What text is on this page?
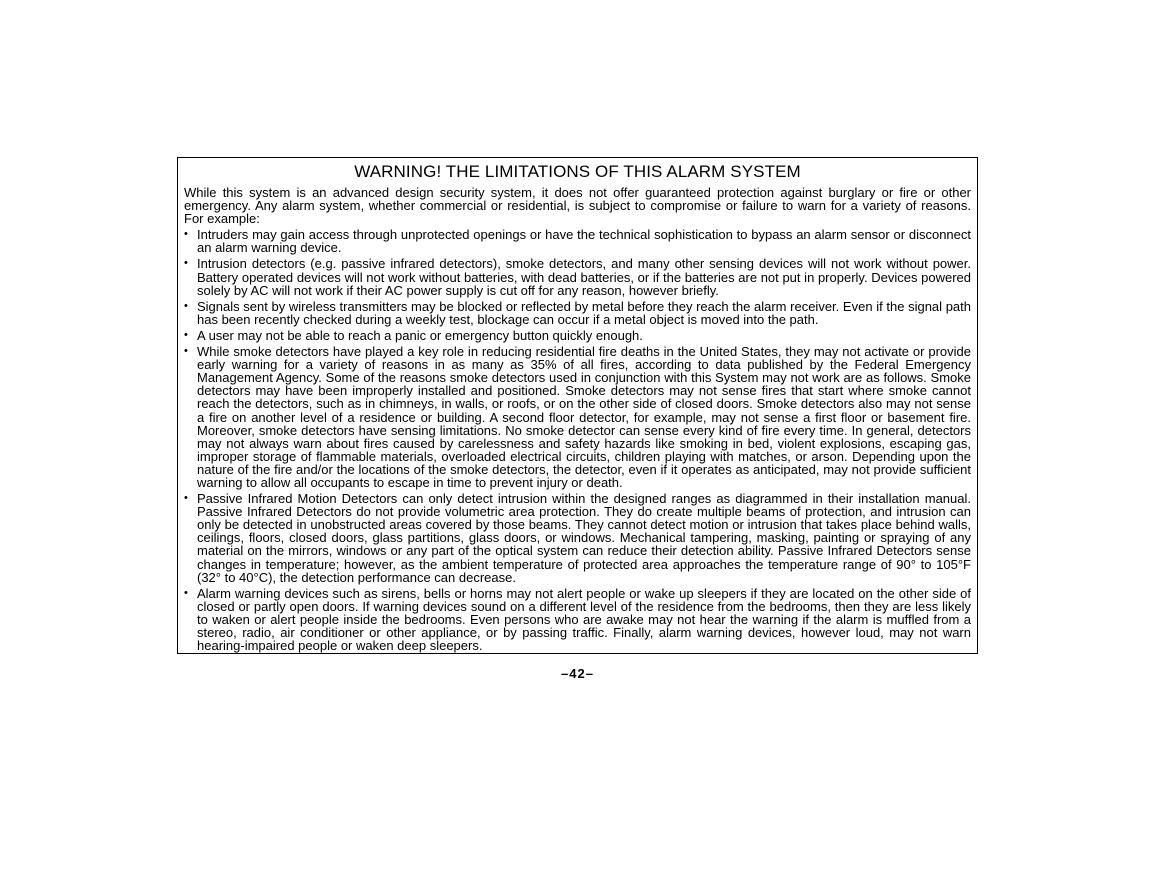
WARNING! THE LIMITATIONS OF THIS ALARM SYSTEM
While this system is an advanced design security system, it does not offer guaranteed protection against burglary or fire or other emergency. Any alarm system, whether commercial or residential, is subject to compromise or failure to warn for a variety of reasons. For example:
• Intruders may gain access through unprotected openings or have the technical sophistication to bypass an alarm sensor or disconnect an alarm warning device.
• Intrusion detectors (e.g. passive infrared detectors), smoke detectors, and many other sensing devices will not work without power. Battery operated devices will not work without batteries, with dead batteries, or if the batteries are not put in properly. Devices powered solely by AC will not work if their AC power supply is cut off for any reason, however briefly.
• Signals sent by wireless transmitters may be blocked or reflected by metal before they reach the alarm receiver. Even if the signal path has been recently checked during a weekly test, blockage can occur if a metal object is moved into the path.
• A user may not be able to reach a panic or emergency button quickly enough.
• While smoke detectors have played a key role in reducing residential fire deaths in the United States, they may not activate or provide early warning for a variety of reasons in as many as 35% of all fires, according to data published by the Federal Emergency Management Agency. Some of the reasons smoke detectors used in conjunction with this System may not work are as follows. Smoke detectors may have been improperly installed and positioned. Smoke detectors may not sense fires that start where smoke cannot reach the detectors, such as in chimneys, in walls, or roofs, or on the other side of closed doors. Smoke detectors also may not sense a fire on another level of a residence or building. A second floor detector, for example, may not sense a first floor or basement fire. Moreover, smoke detectors have sensing limitations. No smoke detector can sense every kind of fire every time. In general, detectors may not always warn about fires caused by carelessness and safety hazards like smoking in bed, violent explosions, escaping gas, improper storage of flammable materials, overloaded electrical circuits, children playing with matches, or arson. Depending upon the nature of the fire and/or the locations of the smoke detectors, the detector, even if it operates as anticipated, may not provide sufficient warning to allow all occupants to escape in time to prevent injury or death.
• Passive Infrared Motion Detectors can only detect intrusion within the designed ranges as diagrammed in their installation manual. Passive Infrared Detectors do not provide volumetric area protection. They do create multiple beams of protection, and intrusion can only be detected in unobstructed areas covered by those beams. They cannot detect motion or intrusion that takes place behind walls, ceilings, floors, closed doors, glass partitions, glass doors, or windows. Mechanical tampering, masking, painting or spraying of any material on the mirrors, windows or any part of the optical system can reduce their detection ability. Passive Infrared Detectors sense changes in temperature; however, as the ambient temperature of protected area approaches the temperature range of 90° to 105°F (32° to 40°C), the detection performance can decrease.
• Alarm warning devices such as sirens, bells or horns may not alert people or wake up sleepers if they are located on the other side of closed or partly open doors. If warning devices sound on a different level of the residence from the bedrooms, then they are less likely to waken or alert people inside the bedrooms. Even persons who are awake may not hear the warning if the alarm is muffled from a stereo, radio, air conditioner or other appliance, or by passing traffic. Finally, alarm warning devices, however loud, may not warn hearing-impaired people or waken deep sleepers.
–42–
